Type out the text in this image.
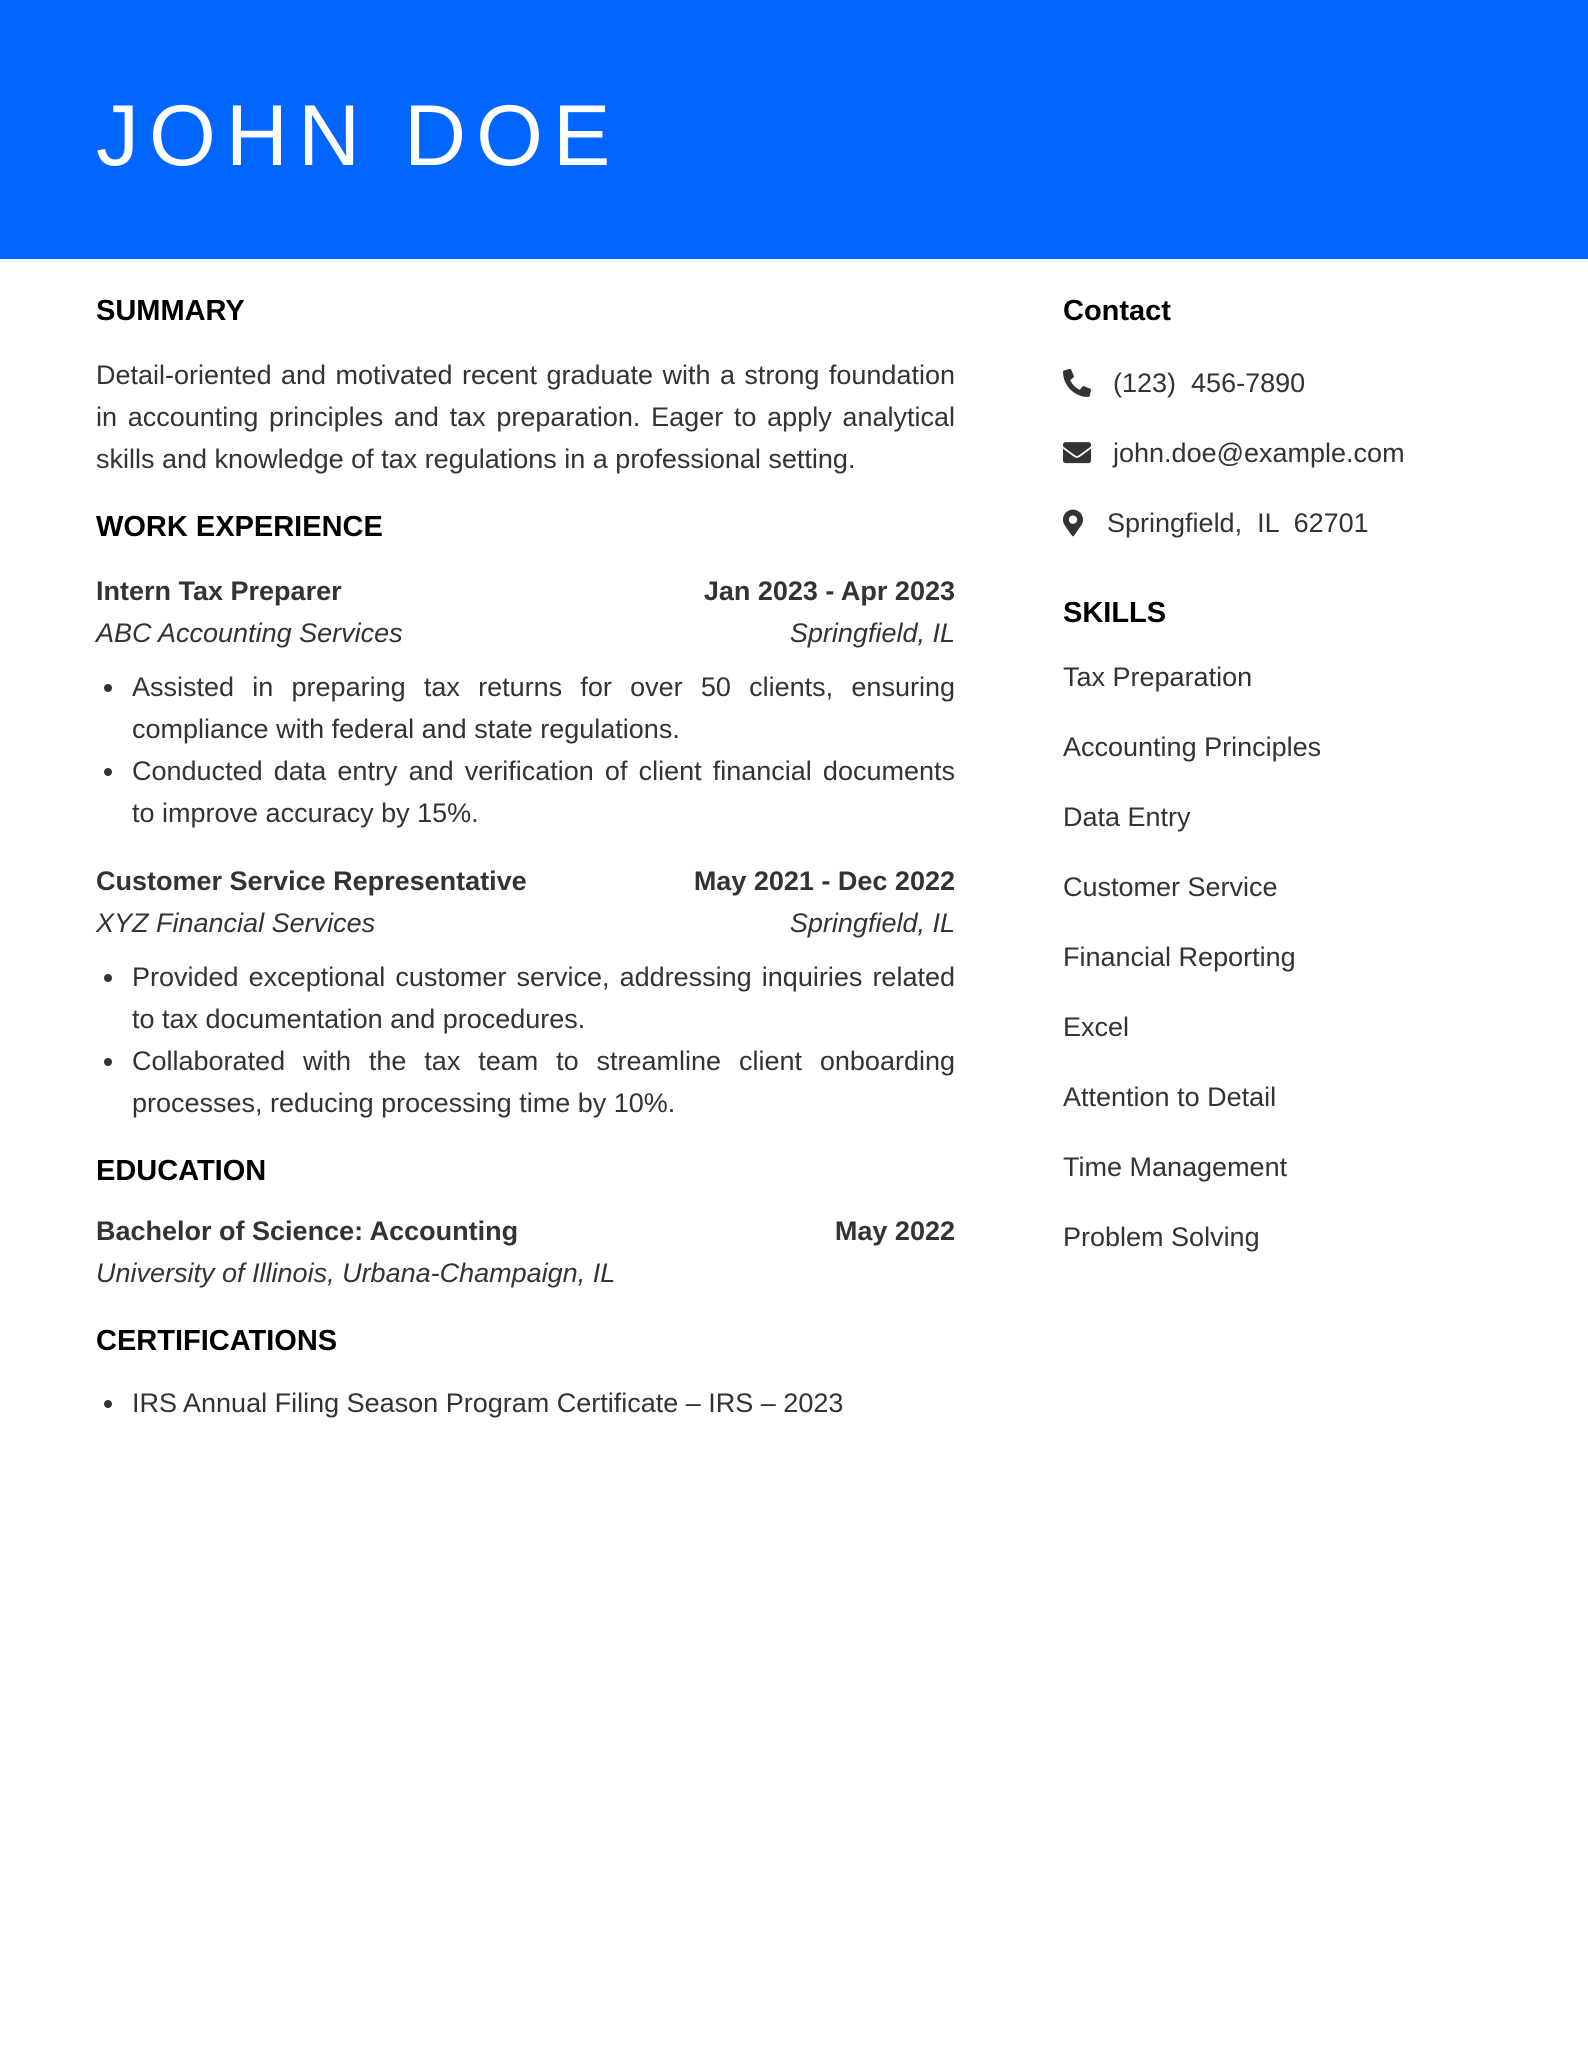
JOHN DOE
SUMMARY

Detail-oriented and motivated recent graduate with a strong foundation in accounting principles and tax preparation. Eager to apply analytical skills and knowledge of tax regulations in a professional setting.

WORK EXPERIENCE
Intern Tax Preparer	Jan 2023 - Apr 2023
ABC Accounting Services	Springfield, IL
Assisted in preparing tax returns for over 50 clients, ensuring compliance with federal and state regulations.
Conducted data entry and verification of client financial documents to improve accuracy by 15%.
Customer Service Representative	May 2021 - Dec 2022
XYZ Financial Services	Springfield, IL
Provided exceptional customer service, addressing inquiries related to tax documentation and procedures.
Collaborated with the tax team to streamline client onboarding processes, reducing processing time by 10%.
EDUCATION
Bachelor of Science: Accounting	May 2022
University of Illinois, Urbana-Champaign, IL
CERTIFICATIONS
IRS Annual Filing Season Program Certificate – IRS – 2023
Contact
(123)  456-7890
john.doe@example.com
Springfield,  IL  62701
SKILLS
Tax Preparation
Accounting Principles
Data Entry
Customer Service
Financial Reporting
Excel
Attention to Detail
Time Management
Problem Solving
